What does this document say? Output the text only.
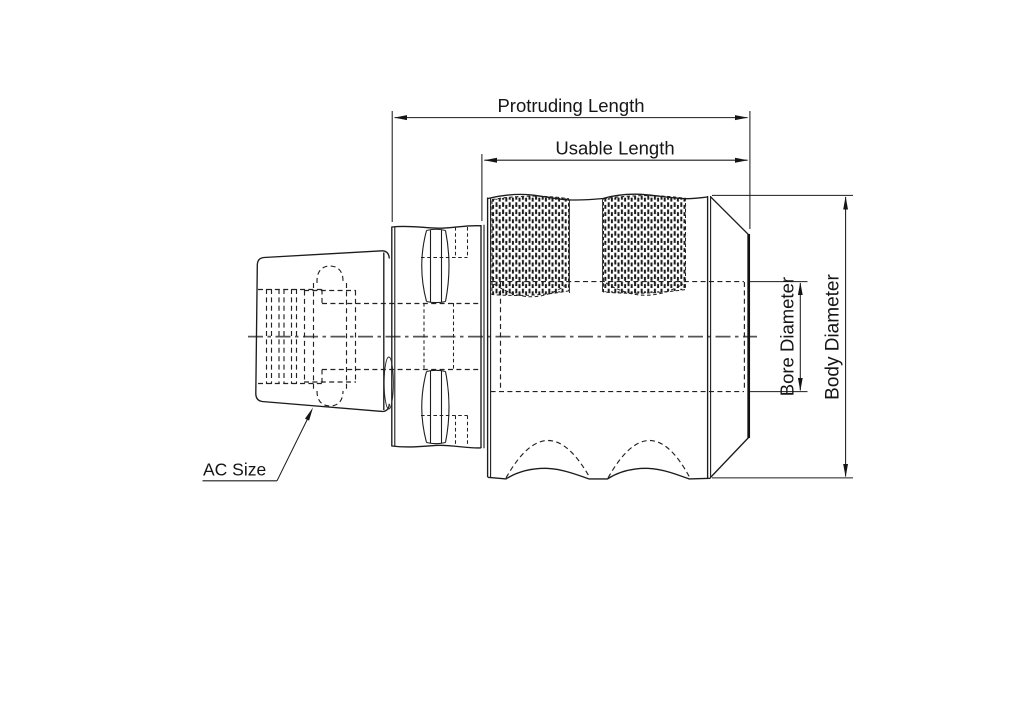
Protruding Length
Usable Length
Bore Diameter Body Diameter
AC Size
